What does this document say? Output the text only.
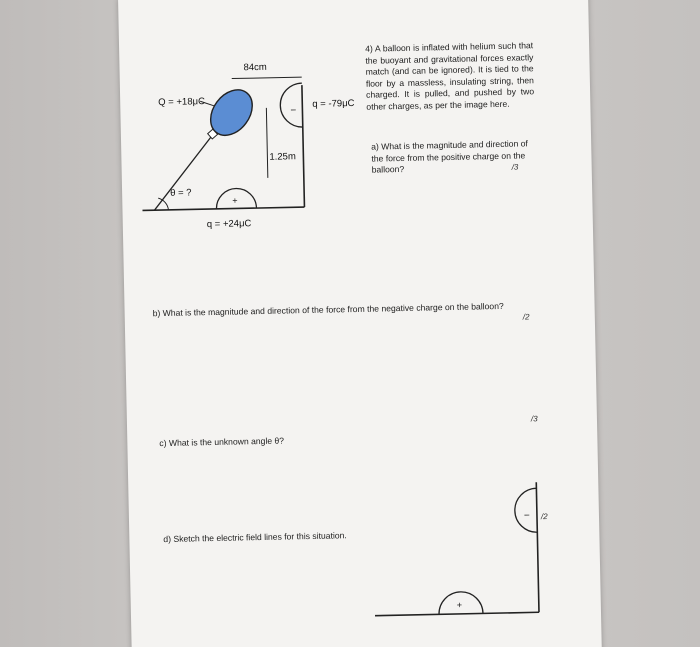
−
+
84cm
1.25m
Q = +18μC	q = -79μC
q = +24μC
θ = ?
4) A balloon is inflated with helium such that the buoyant and gravitational forces exactly match (and can be ignored). It is tied to the floor by a massless, insulating string, then charged. It is pulled, and pushed by two other charges, as per the image here.
a) What is the magnitude and direction of the force from the positive charge on the balloon?	/3
b) What is the magnitude and direction of the force from the negative charge on the balloon? /2
/3
c) What is the unknown angle θ?
/2
d) Sketch the electric field lines for this situation.
−
+
